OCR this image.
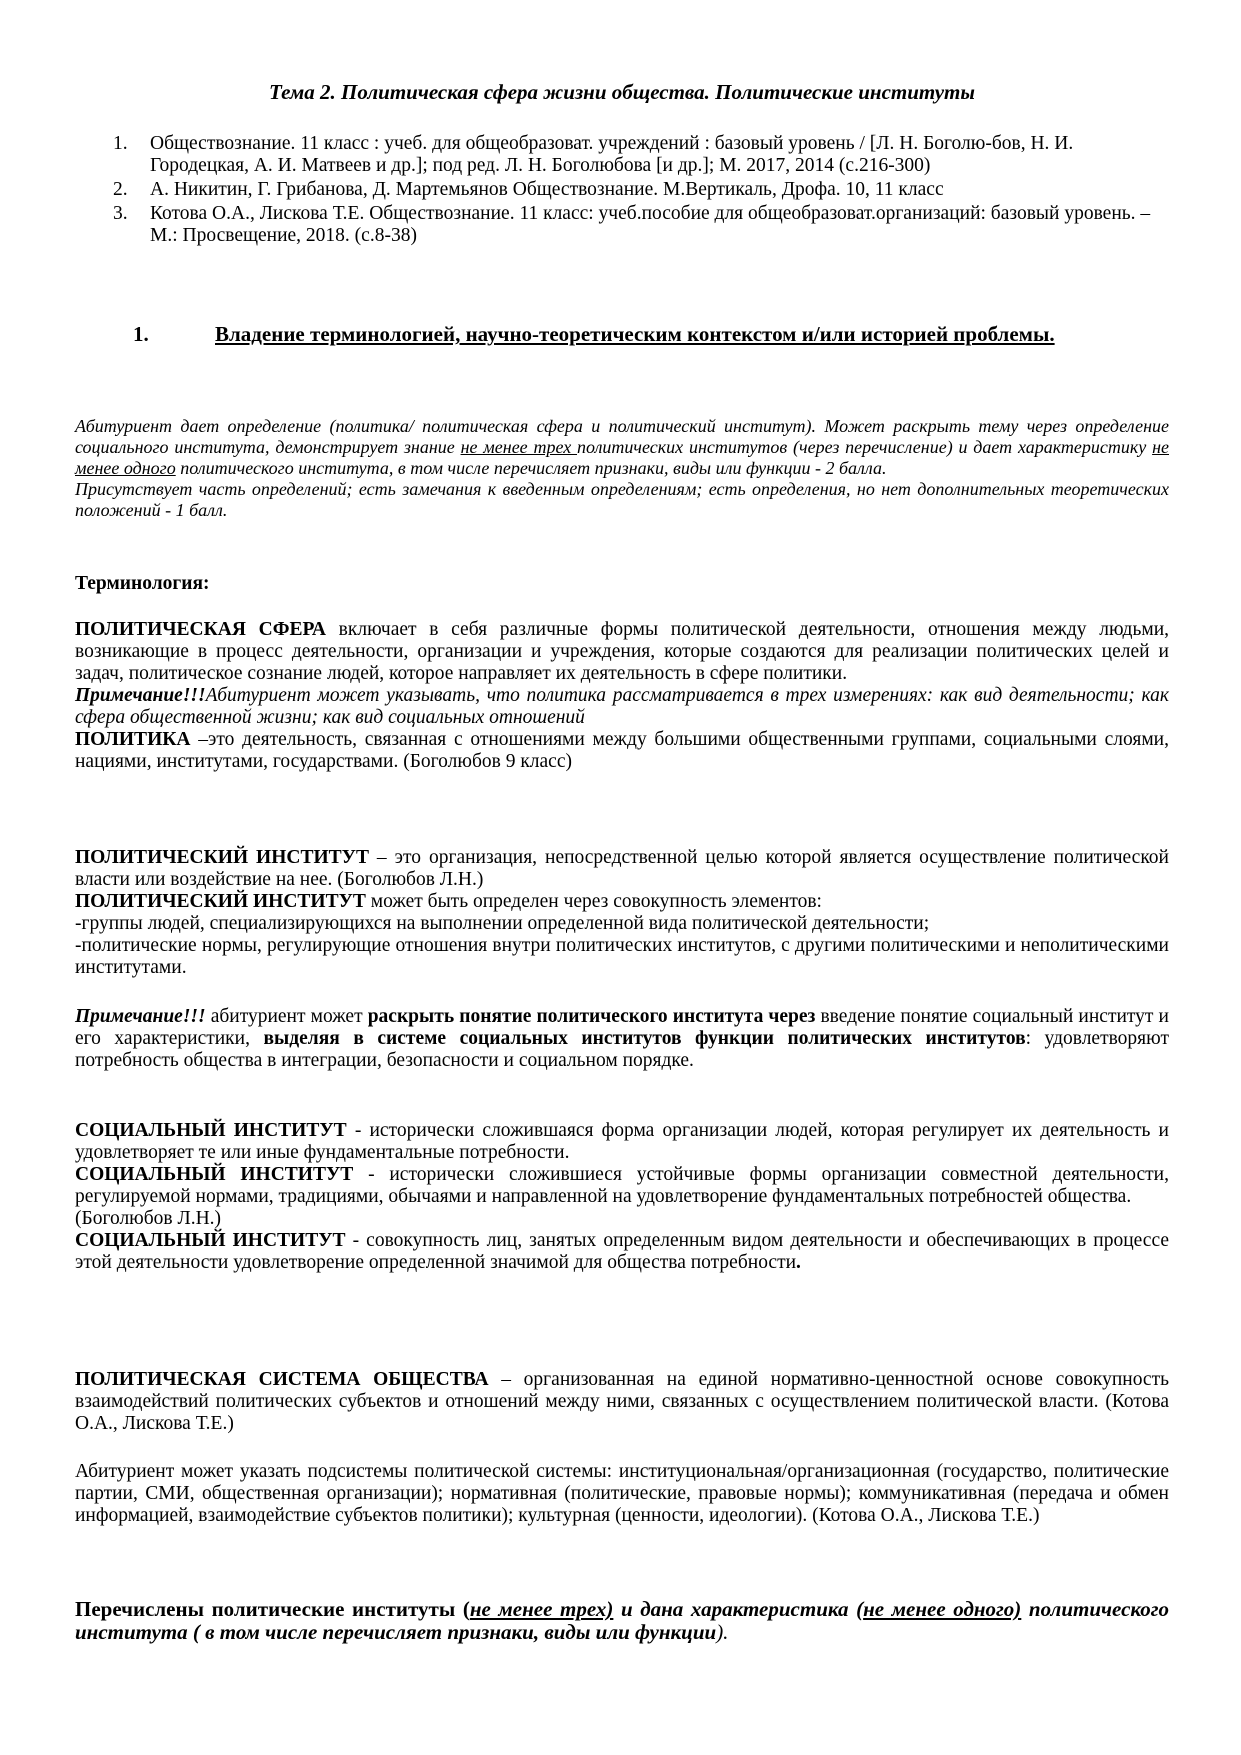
Тема 2. Политическая сфера жизни общества. Политические институты
1. Обществознание. 11 класс : учеб. для общеобразоват. учреждений : базовый уровень / [Л. Н. Боголю-бов, Н. И. Городецкая, А. И. Матвеев и др.]; под ред. Л. Н. Боголюбова [и др.]; М. 2017, 2014 (с.216-300)
2. А. Никитин, Г. Грибанова, Д. Мартемьянов Обществознание. М.Вертикаль, Дрофа. 10, 11 класс
3. Котова О.А., Лискова Т.Е. Обществознание. 11 класс: учеб.пособие для общеобразоват.организаций: базовый уровень. – М.: Просвещение, 2018. (с.8-38)
1.	Владение терминологией, научно-теоретическим контекстом и/или историей проблемы.

Абитуриент дает определение (политика/ политическая сфера и политический институт). Может раскрыть тему через определение социального института, демонстрирует знание не менее трех политических институтов (через перечисление) и дает характеристику не менее одного политического института, в том числе перечисляет признаки, виды или функции - 2 балла.

Присутствует часть определений; есть замечания к введенным определениям; есть определения, но нет дополнительных теоретических положений - 1 балл.

Терминология:

ПОЛИТИЧЕСКАЯ СФЕРА включает в себя различные формы политической деятельности, отношения между людьми, возникающие в процесс деятельности, организации и учреждения, которые создаются для реализации политических целей и задач, политическое сознание людей, которое направляет их деятельность в сфере политики.

Примечание!!!Абитуриент может указывать, что политика рассматривается в трех измерениях: как вид деятельности; как сфера общественной жизни; как вид социальных отношений

ПОЛИТИКА –это деятельность, связанная с отношениями между большими общественными группами, социальными слоями, нациями, институтами, государствами. (Боголюбов 9 класс)

ПОЛИТИЧЕСКИЙ ИНСТИТУТ – это организация, непосредственной целью которой является осуществление политической власти или воздействие на нее. (Боголюбов Л.Н.)

ПОЛИТИЧЕСКИЙ ИНСТИТУТ может быть определен через совокупность элементов:

-группы людей, специализирующихся на выполнении определенной вида политической деятельности;

-политические нормы, регулирующие отношения внутри политических институтов, с другими политическими и неполитическими институтами.

Примечание!!! абитуриент может раскрыть понятие политического института через введение понятие социальный институт и его характеристики, выделяя в системе социальных институтов функции политических институтов: удовлетворяют потребность общества в интеграции, безопасности и социальном порядке.

СОЦИАЛЬНЫЙ ИНСТИТУТ - исторически сложившаяся форма организации людей, которая регулирует их деятельность и удовлетворяет те или иные фундаментальные потребности.

СОЦИАЛЬНЫЙ ИНСТИТУТ - исторически сложившиеся устойчивые формы организации совместной деятельности, регулируемой нормами, традициями, обычаями и направленной на удовлетворение фундаментальных потребностей общества.

(Боголюбов Л.Н.)

СОЦИАЛЬНЫЙ ИНСТИТУТ - совокупность лиц, занятых определенным видом деятельности и обеспечивающих в процессе этой деятельности удовлетворение определенной значимой для общества потребности.

ПОЛИТИЧЕСКАЯ СИСТЕМА ОБЩЕСТВА – организованная на единой нормативно-ценностной основе совокупность взаимодействий политических субъектов и отношений между ними, связанных с осуществлением политической власти. (Котова О.А., Лискова Т.Е.)

Абитуриент может указать подсистемы политической системы: институциональная/организационная (государство, политические партии, СМИ, общественная организации); нормативная (политические, правовые нормы); коммуникативная (передача и обмен информацией, взаимодействие субъектов политики); культурная (ценности, идеологии). (Котова О.А., Лискова Т.Е.)

Перечислены политические институты (не менее трех) и дана характеристика (не менее одного) политического института ( в том числе перечисляет признаки, виды или функции).
